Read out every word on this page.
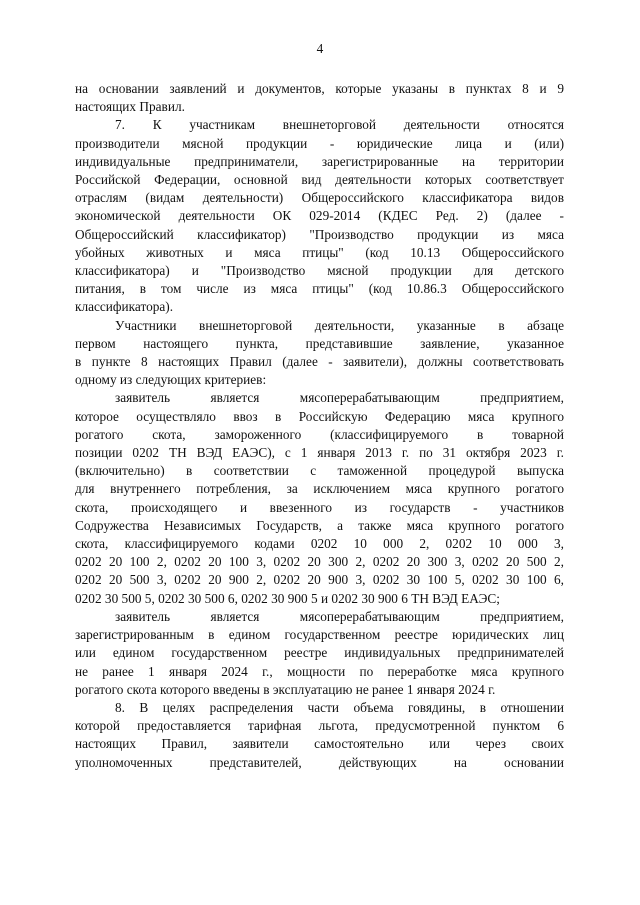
4
на основании заявлений и документов, которые указаны в пунктах 8 и 9
настоящих Правил.
7. К участникам внешнеторговой деятельности относятся
производители мясной продукции - юридические лица и (или)
индивидуальные предприниматели, зарегистрированные на территории
Российской Федерации, основной вид деятельности которых соответствует
отраслям (видам деятельности) Общероссийского классификатора видов
экономической деятельности ОК 029-2014 (КДЕС Ред. 2) (далее -
Общероссийский классификатор) "Производство продукции из мяса
убойных животных и мяса птицы" (код 10.13 Общероссийского
классификатора) и "Производство мясной продукции для детского
питания, в том числе из мяса птицы" (код 10.86.3 Общероссийского
классификатора).
Участники внешнеторговой деятельности, указанные в абзаце
первом настоящего пункта, представившие заявление, указанное
в пункте 8 настоящих Правил (далее - заявители), должны соответствовать
одному из следующих критериев:
заявитель является мясоперерабатывающим предприятием,
которое осуществляло ввоз в Российскую Федерацию мяса крупного
рогатого скота, замороженного (классифицируемого в товарной
позиции 0202 ТН ВЭД ЕАЭС), с 1 января 2013 г. по 31 октября 2023 г.
(включительно) в соответствии с таможенной процедурой выпуска
для внутреннего потребления, за исключением мяса крупного рогатого
скота, происходящего и ввезенного из государств - участников
Содружества Независимых Государств, а также мяса крупного рогатого
скота, классифицируемого кодами 0202 10 000 2, 0202 10 000 3,
0202 20 100 2, 0202 20 100 3, 0202 20 300 2, 0202 20 300 3, 0202 20 500 2,
0202 20 500 3, 0202 20 900 2, 0202 20 900 3, 0202 30 100 5, 0202 30 100 6,
0202 30 500 5, 0202 30 500 6, 0202 30 900 5 и 0202 30 900 6 ТН ВЭД ЕАЭС;
заявитель является мясоперерабатывающим предприятием,
зарегистрированным в едином государственном реестре юридических лиц
или едином государственном реестре индивидуальных предпринимателей
не ранее 1 января 2024 г., мощности по переработке мяса крупного
рогатого скота которого введены в эксплуатацию не ранее 1 января 2024 г.
8. В целях распределения части объема говядины, в отношении
которой предоставляется тарифная льгота, предусмотренной пунктом 6
настоящих Правил, заявители самостоятельно или через своих
уполномоченных представителей, действующих на основании
